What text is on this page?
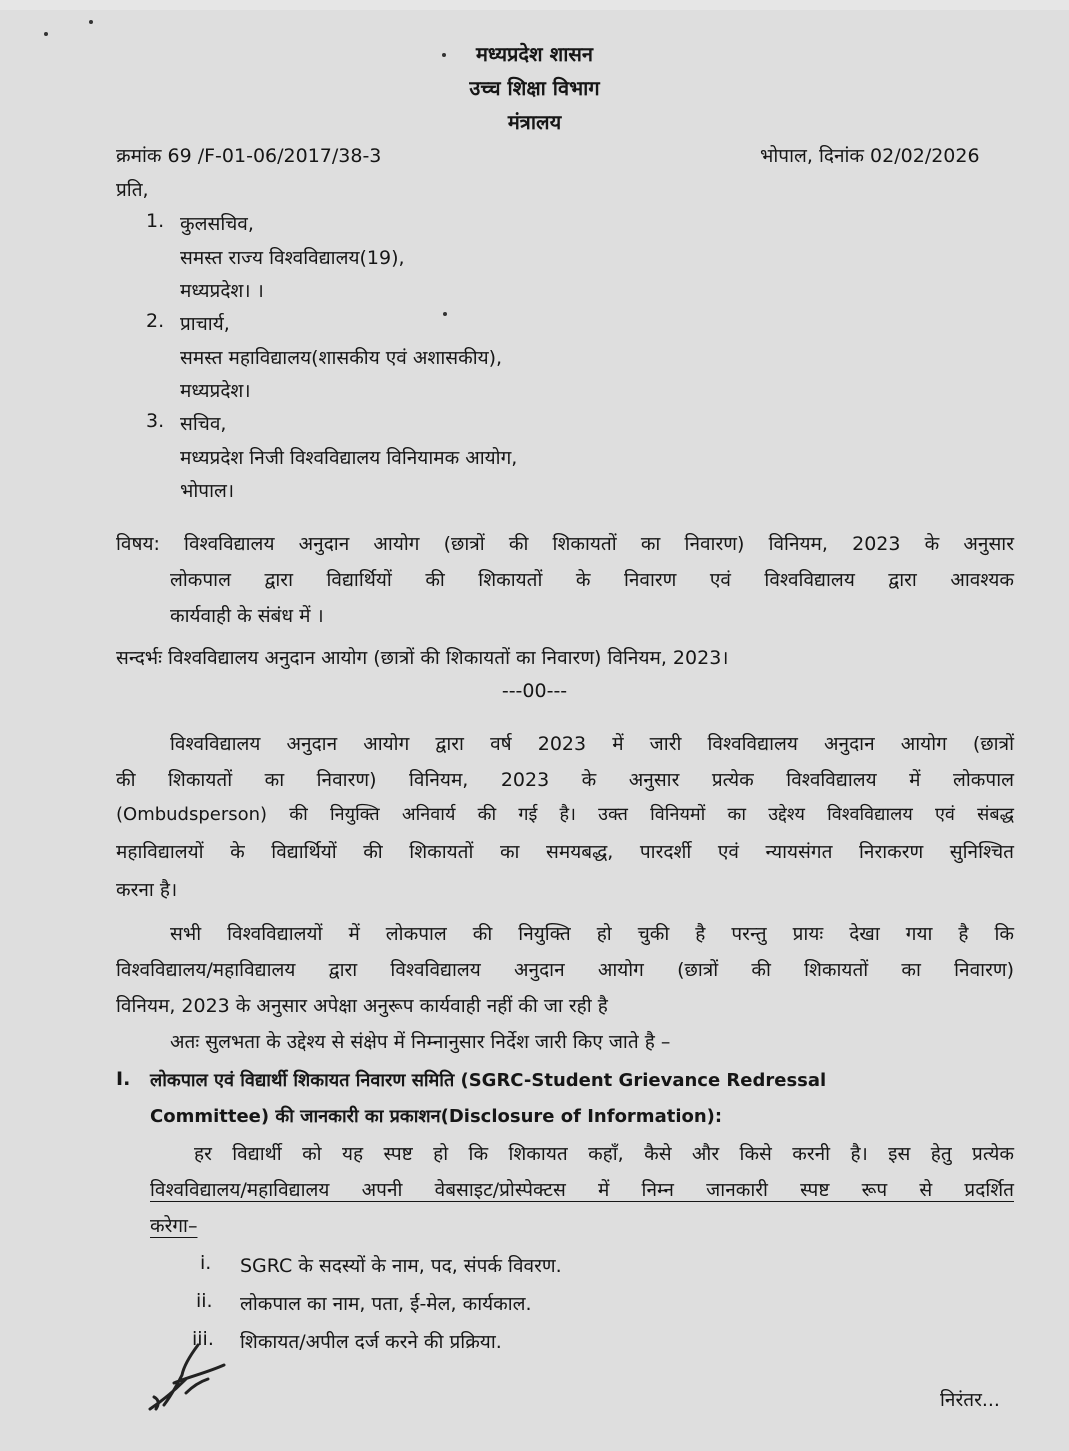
मध्यप्रदेश शासन
उच्च शिक्षा विभाग
मंत्रालय
क्रमांक 69 /F-01-06/2017/38-3	भोपाल, दिनांक 02/02/2026
प्रति,
1. कुलसचिव,
समस्त राज्य विश्वविद्यालय(19),
मध्यप्रदेश। ।
2. प्राचार्य,
समस्त महाविद्यालय(शासकीय एवं अशासकीय),
मध्यप्रदेश।
3. सचिव,
मध्यप्रदेश निजी विश्वविद्यालय विनियामक आयोग,
भोपाल।
विषय: विश्वविद्यालय अनुदान आयोग (छात्रों की शिकायतों का निवारण) विनियम, 2023 के अनुसार
लोकपाल द्वारा विद्यार्थियों की शिकायतों के निवारण एवं विश्वविद्यालय द्वारा आवश्यक
कार्यवाही के संबंध में ।
सन्दर्भः विश्वविद्यालय अनुदान आयोग (छात्रों की शिकायतों का निवारण) विनियम, 2023।
---00---
विश्वविद्यालय अनुदान आयोग द्वारा वर्ष 2023 में जारी विश्वविद्यालय अनुदान आयोग (छात्रों
की शिकायतों का निवारण) विनियम, 2023 के अनुसार प्रत्येक विश्वविद्यालय में लोकपाल
(Ombudsperson) की नियुक्ति अनिवार्य की गई है। उक्त विनियमों का उद्देश्य विश्वविद्यालय एवं संबद्ध
महाविद्यालयों के विद्यार्थियों की शिकायतों का समयबद्ध, पारदर्शी एवं न्यायसंगत निराकरण सुनिश्चित
करना है।
सभी विश्वविद्यालयों में लोकपाल की नियुक्ति हो चुकी है परन्तु प्रायः देखा गया है कि
विश्वविद्यालय/महाविद्यालय द्वारा विश्वविद्यालय अनुदान आयोग (छात्रों की शिकायतों का निवारण)
विनियम, 2023 के अनुसार अपेक्षा अनुरूप कार्यवाही नहीं की जा रही है
अतः सुलभता के उद्देश्य से संक्षेप में निम्नानुसार निर्देश जारी किए जाते है –
I. लोकपाल एवं विद्यार्थी शिकायत निवारण समिति (SGRC-Student Grievance Redressal
Committee) की जानकारी का प्रकाशन(Disclosure of Information):
हर विद्यार्थी को यह स्पष्ट हो कि शिकायत कहाँ, कैसे और किसे करनी है। इस हेतु प्रत्येक
विश्वविद्यालय/महाविद्यालय अपनी वेबसाइट/प्रोस्पेक्टस में निम्न जानकारी स्पष्ट रूप से प्रदर्शित
करेगा–
i. SGRC के सदस्यों के नाम, पद, संपर्क विवरण.
ii. लोकपाल का नाम, पता, ई-मेल, कार्यकाल.
iii. शिकायत/अपील दर्ज करने की प्रक्रिया.
निरंतर...
